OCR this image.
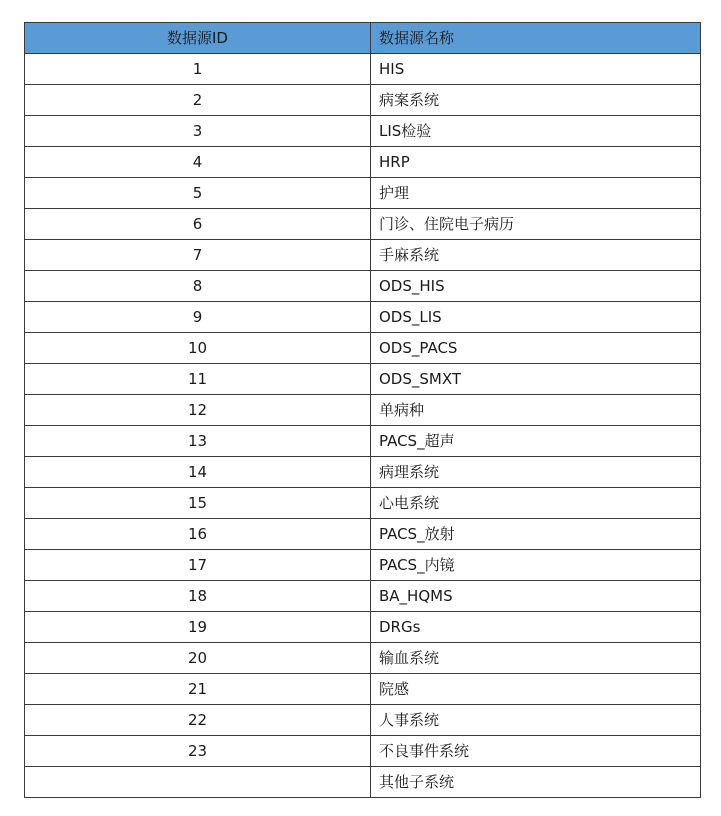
数据源ID	数据源名称
1	HIS
2	病案系统
3	LIS检验
4	HRP
5	护理
6	门诊、住院电子病历
7	手麻系统
8	ODS_HIS
9	ODS_LIS
10	ODS_PACS
11	ODS_SMXT
12	单病种
13	PACS_超声
14	病理系统
15	心电系统
16	PACS_放射
17	PACS_内镜
18	BA_HQMS
19	DRGs
20	输血系统
21	院感
22	人事系统
23	不良事件系统
	其他子系统
